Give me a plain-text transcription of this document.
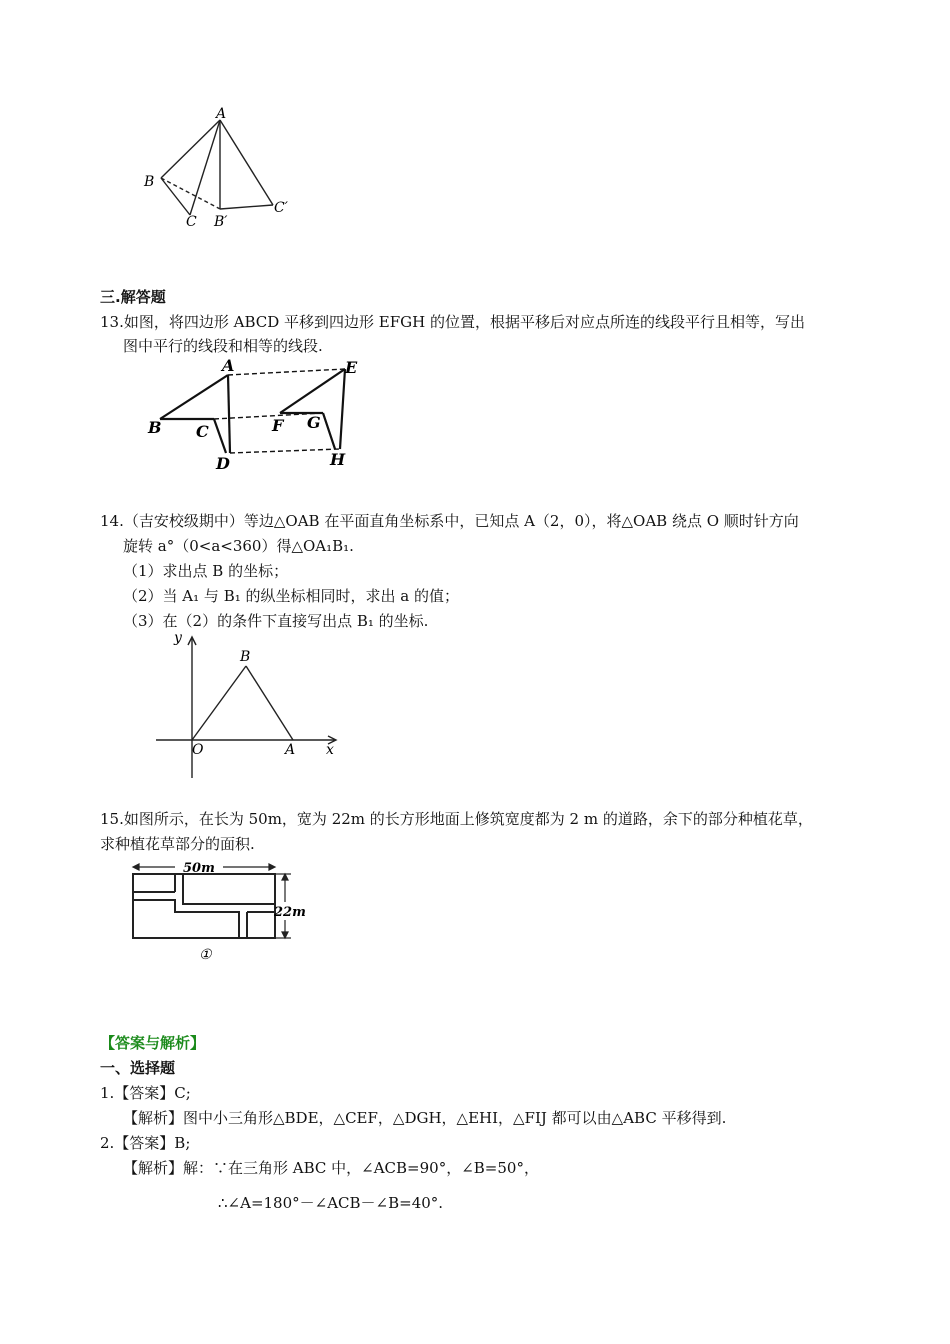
A
B
C B′
C′
三.解答题
13.如图，将四边形 ABCD 平移到四边形 EFGH 的位置，根据平移后对应点所连的线段平行且相等，写出
图中平行的线段和相等的线段.
A
B C
D
E
F G
H
14.（吉安校级期中）等边△OAB 在平面直角坐标系中，已知点 A（2，0），将△OAB 绕点 O 顺时针方向
旋转 a°（0<a<360）得△OA₁B₁.
（1）求出点 B 的坐标；
（2）当 A₁ 与 B₁ 的纵坐标相同时，求出 a 的值；
（3）在（2）的条件下直接写出点 B₁ 的坐标.
y
x
O	A
B
15.如图所示，在长为 50m，宽为 22m 的长方形地面上修筑宽度都为 2 m 的道路，余下的部分种植花草，
求种植花草部分的面积.
50m
22m
①
【答案与解析】
一、选择题
1.【答案】C;
【解析】图中小三角形△BDE，△CEF，△DGH，△EHI，△FIJ 都可以由△ABC 平移得到.
2.【答案】B;
【解析】解：∵在三角形 ABC 中，∠ACB=90°，∠B=50°，
∴∠A=180°－∠ACB－∠B=40°.
